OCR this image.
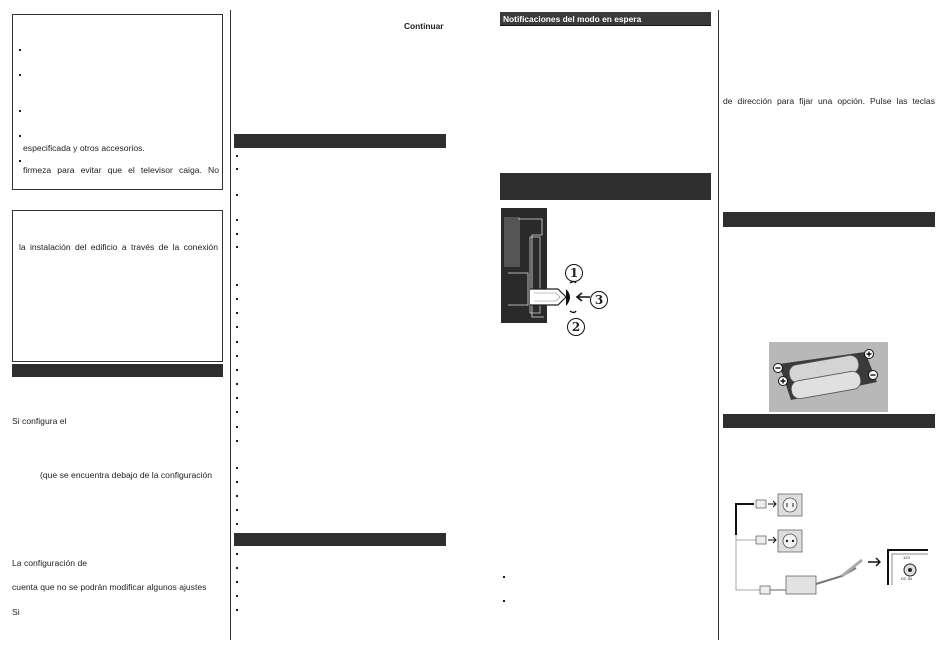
especificada y otros accesorios.
firmeza para evitar que el televisor caiga. No
la instalación del edificio a través de la conexión
Si configura el
(que se encuentra debajo de la configuración
La configuración de
cuenta que no se podrán modificar algunos ajustes
Si
Continuar
Notificaciones del modo en espera
1
2
3
de dirección para fijar una opción. Pulse las teclas
12V
DC IN
